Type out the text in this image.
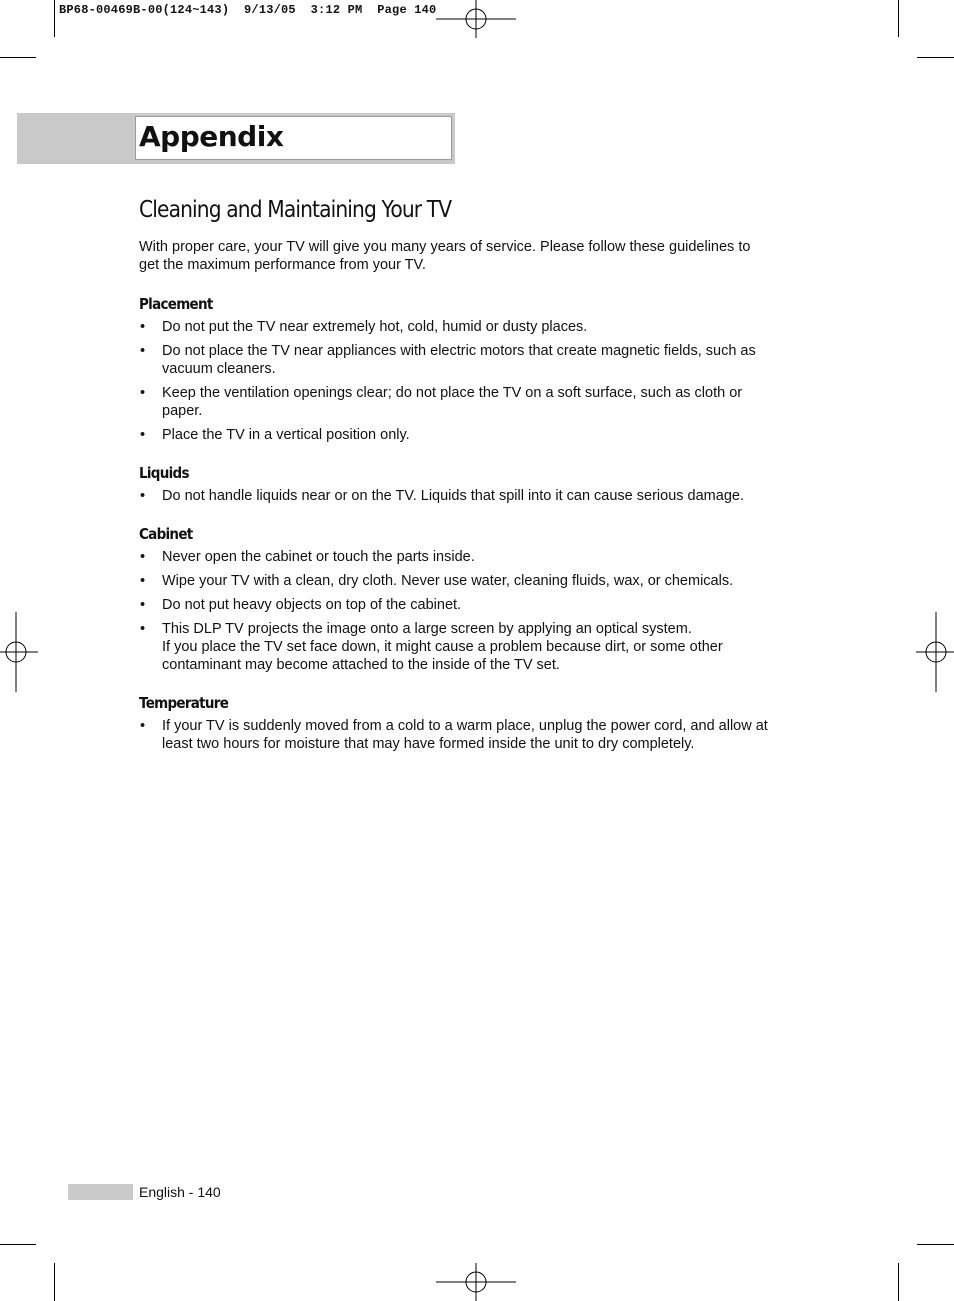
BP68-00469B-00(124~143)  9/13/05  3:12 PM  Page 140
Appendix
Cleaning and Maintaining Your TV

With proper care, your TV will give you many years of service. Please follow these guidelines to get the maximum performance from your TV.

Placement
• Do not put the TV near extremely hot, cold, humid or dusty places.
• Do not place the TV near appliances with electric motors that create magnetic fields, such as vacuum cleaners.
• Keep the ventilation openings clear; do not place the TV on a soft surface, such as cloth or paper.
• Place the TV in a vertical position only.
Liquids
• Do not handle liquids near or on the TV. Liquids that spill into it can cause serious damage.
Cabinet
• Never open the cabinet or touch the parts inside.
• Wipe your TV with a clean, dry cloth. Never use water, cleaning fluids, wax, or chemicals.
• Do not put heavy objects on top of the cabinet.
• This DLP TV projects the image onto a large screen by applying an optical system.
If you place the TV set face down, it might cause a problem because dirt, or some other contaminant may become attached to the inside of the TV set.
Temperature
• If your TV is suddenly moved from a cold to a warm place, unplug the power cord, and allow at least two hours for moisture that may have formed inside the unit to dry completely.
English - 140
